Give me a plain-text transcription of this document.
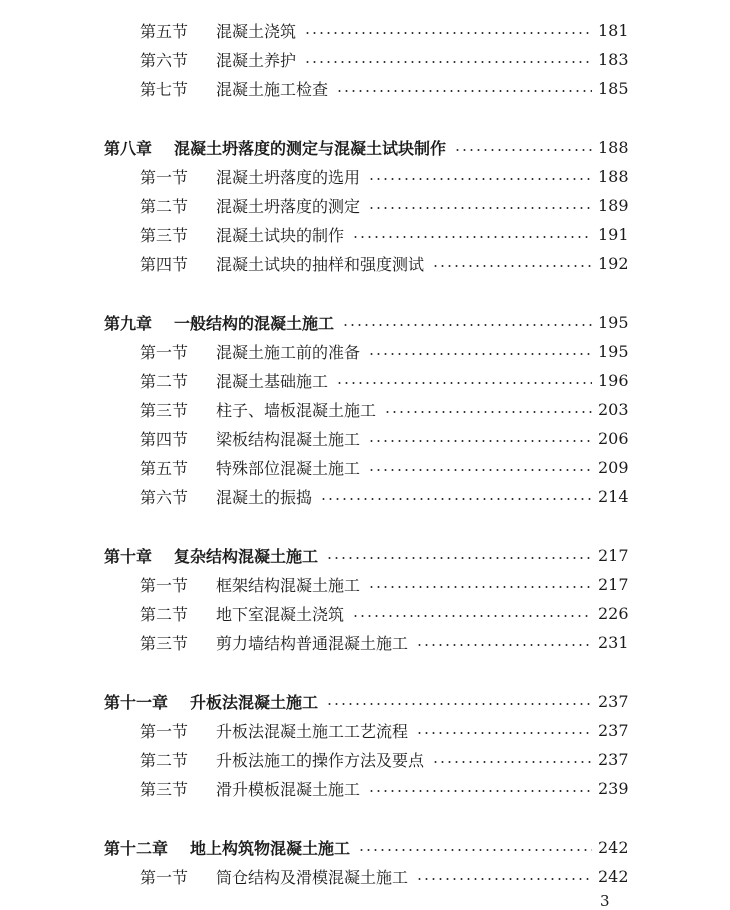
第五节	混凝土浇筑	181
第六节	混凝土养护	183
第七节	混凝土施工检查	185
第八章 混凝土坍落度的测定与混凝土试块制作	188
第一节	混凝土坍落度的选用	188
第二节	混凝土坍落度的测定	189
第三节	混凝土试块的制作	191
第四节	混凝土试块的抽样和强度测试	192
第九章 一般结构的混凝土施工	195
第一节	混凝土施工前的准备	195
第二节	混凝土基础施工	196
第三节	柱子、墙板混凝土施工	203
第四节	梁板结构混凝土施工	206
第五节	特殊部位混凝土施工	209
第六节	混凝土的振捣	214
第十章 复杂结构混凝土施工	217
第一节	框架结构混凝土施工	217
第二节	地下室混凝土浇筑	226
第三节	剪力墙结构普通混凝土施工	231
第十一章 升板法混凝土施工	237
第一节	升板法混凝土施工工艺流程	237
第二节	升板法施工的操作方法及要点	237
第三节	滑升模板混凝土施工	239
第十二章 地上构筑物混凝土施工	242
第一节	筒仓结构及滑模混凝土施工	242
3
